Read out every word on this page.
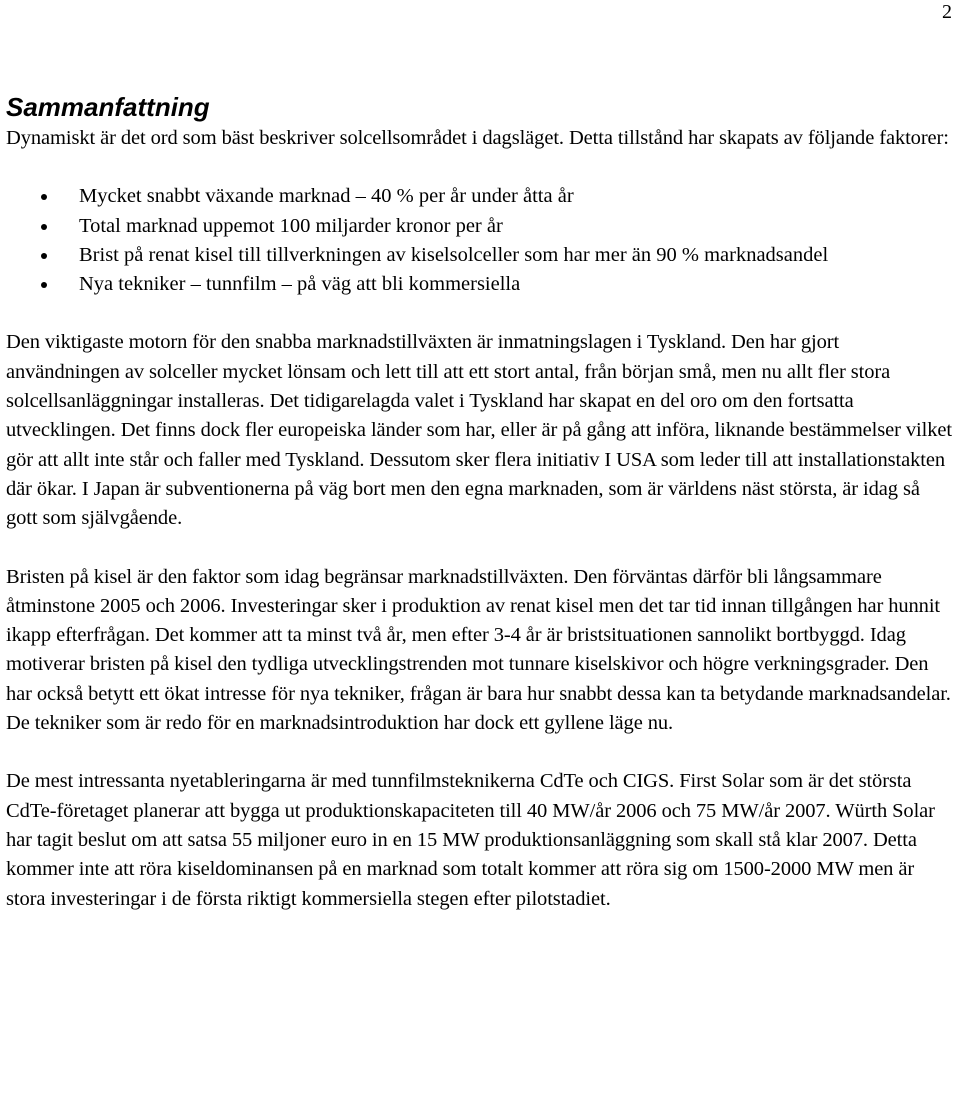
2
Sammanfattning

Dynamiskt är det ord som bäst beskriver solcellsområdet i dagsläget. Detta tillstånd har skapats av följande faktorer:

Mycket snabbt växande marknad – 40 % per år under åtta år
Total marknad uppemot 100 miljarder kronor per år
Brist på renat kisel till tillverkningen av kiselsolceller som har mer än 90 % marknadsandel
Nya tekniker – tunnfilm – på väg att bli kommersiella

Den viktigaste motorn för den snabba marknadstillväxten är inmatningslagen i Tyskland. Den har gjort användningen av solceller mycket lönsam och lett till att ett stort antal, från början små, men nu allt fler stora solcellsanläggningar installeras. Det tidigarelagda valet i Tyskland har skapat en del oro om den fortsatta utvecklingen. Det finns dock fler europeiska länder som har, eller är på gång att införa, liknande bestämmelser vilket gör att allt inte står och faller med Tyskland. Dessutom sker flera initiativ I USA som leder till att installationstakten där ökar. I Japan är subventionerna på väg bort men den egna marknaden, som är världens näst största, är idag så gott som självgående.

Bristen på kisel är den faktor som idag begränsar marknadstillväxten. Den förväntas därför bli långsammare åtminstone 2005 och 2006. Investeringar sker i produktion av renat kisel men det tar tid innan tillgången har hunnit ikapp efterfrågan. Det kommer att ta minst två år, men efter 3-4 år är bristsituationen sannolikt bortbyggd. Idag motiverar bristen på kisel den tydliga utvecklingstrenden mot tunnare kiselskivor och högre verkningsgrader. Den har också betytt ett ökat intresse för nya tekniker, frågan är bara hur snabbt dessa kan ta betydande marknadsandelar. De tekniker som är redo för en marknadsintroduktion har dock ett gyllene läge nu.

De mest intressanta nyetableringarna är med tunnfilmsteknikerna CdTe och CIGS. First Solar som är det största CdTe-företaget planerar att bygga ut produktionskapaciteten till 40 MW/år 2006 och 75 MW/år 2007. Würth Solar har tagit beslut om att satsa 55 miljoner euro in en 15 MW produktionsanläggning som skall stå klar 2007. Detta kommer inte att röra kiseldominansen på en marknad som totalt kommer att röra sig om 1500-2000 MW men är stora investeringar i de första riktigt kommersiella stegen efter pilotstadiet.
